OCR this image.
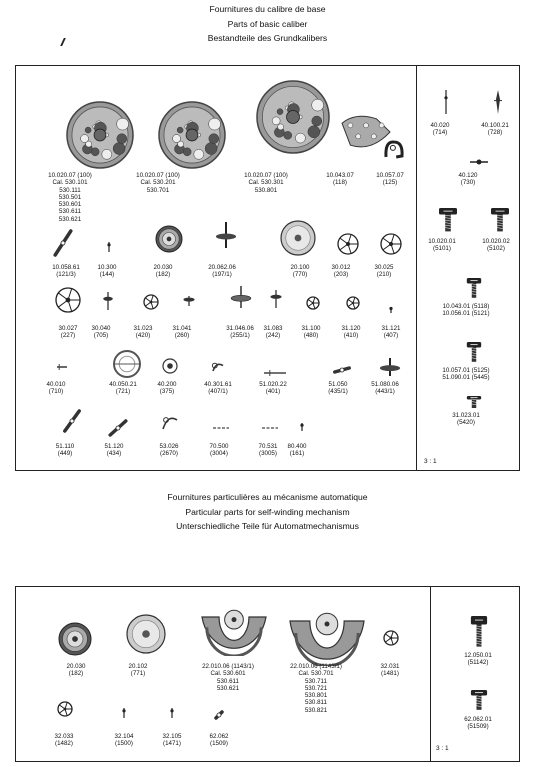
Fournitures du calibre de base
Parts of basic caliber
Bestandteile des Grundkalibers
Fournitures particulières au mécanisme automatique
Particular parts for self-winding mechanism
Unterschiedliche Teile für Automatmechanismus
3 : 1
3 : 1
10.020.07 (100)
Cal. 530.101
530.111
530.501
530.601
530.611
530.621
10.020.07 (100)
Cal. 530.201
530.701
10.020.07 (100)
Cal. 530.301
530.801
10.043.07
(118)
10.057.07
(125)
10.058.61
(121/3)
10.300
(144)
20.030
(182)
20.062.06
(197/1)
20.100
(770)
30.012
(203)
30.025
(210)
30.027
(227)
30.040
(705)
31.023
(420)
31.041
(260)
31.046.06
(255/1)
31.083
(242)
31.100
(480)
31.120
(410)
31.121
(407)
40.010
(710)
40.050.21
(721)
40.200
(375)
40.301.61
(407/1)
51.020.22
(401)
51.050
(435/1)
51.080.06
(443/1)
51.110
(449)
51.120
(434)
53.026
(2670)
70.500
(3004)
70.531
(3005)
80.400
(161)
40.020
(714)
40.100.21
(728)
40.120
(730)
10.020.01
(5101)
10.020.02
(5102)
10.043.01 (5118)
10.056.01 (5121)
10.057.01 (5125)
51.090.01 (5445)
31.023.01
(5420)
20.030
(182)
20.102
(771)
22.010.06 (1143/1)
Cal. 530.601
530.611
530.621
22.010.06 (1143/1)
Cal. 530.701
530.711
530.721
530.801
530.811
530.821
32.031
(1481)
32.033
(1482)
32.104
(1500)
32.105
(1471)
62.062
(1509)
12.050.01
(51142)
62.062.01
(51509)
